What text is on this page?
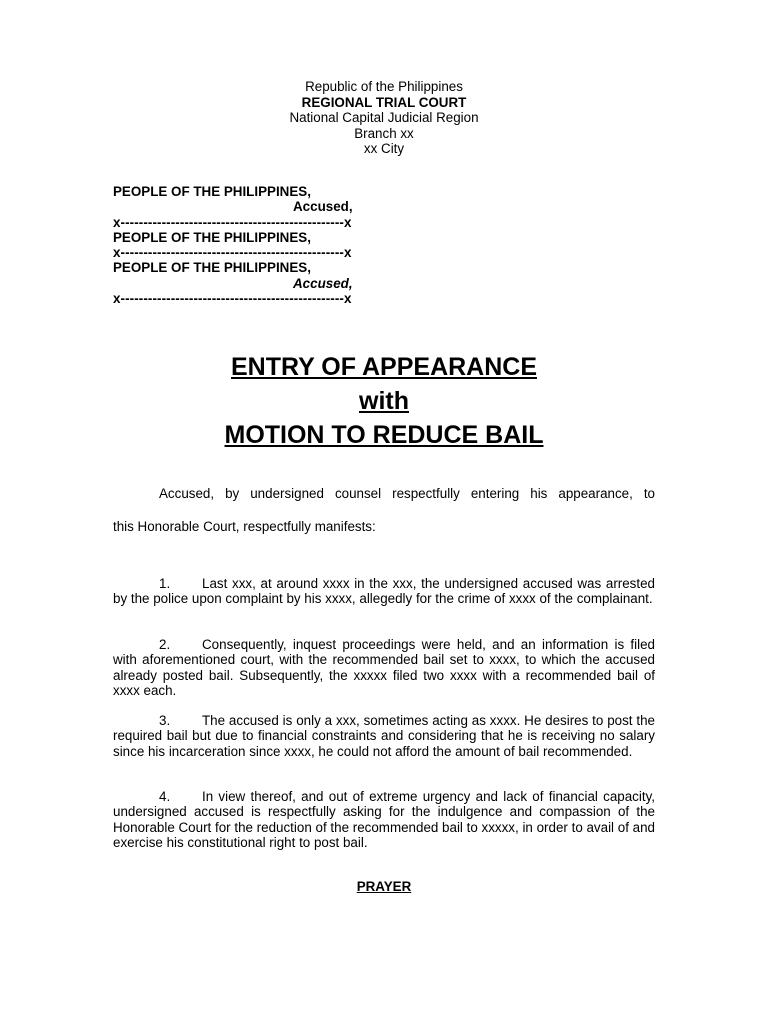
Republic of the Philippines
REGIONAL TRIAL COURT
National Capital Judicial Region
Branch xx
xx City
PEOPLE OF THE PHILIPPINES,
Accused,
x-------------------------------------------------x
PEOPLE OF THE PHILIPPINES,
x-------------------------------------------------x
PEOPLE OF THE PHILIPPINES,
Accused,
x-------------------------------------------------x
ENTRY OF APPEARANCE
with
MOTION TO REDUCE BAIL
Accused, by undersigned counsel respectfully entering his appearance, to
this Honorable Court, respectfully manifests:
1. Last xxx, at around xxxx in the xxx, the undersigned accused was arrested by the police upon complaint by his xxxx, allegedly for the crime of xxxx of the complainant.
2. Consequently, inquest proceedings were held, and an information is filed with aforementioned court, with the recommended bail set to xxxx, to which the accused already posted bail. Subsequently, the xxxxx filed two xxxx with a recommended bail of xxxx each.
3. The accused is only a xxx, sometimes acting as xxxx. He desires to post the required bail but due to financial constraints and considering that he is receiving no salary since his incarceration since xxxx, he could not afford the amount of bail recommended.
4. In view thereof, and out of extreme urgency and lack of financial capacity, undersigned accused is respectfully asking for the indulgence and compassion of the Honorable Court for the reduction of the recommended bail to xxxxx, in order to avail of and exercise his constitutional right to post bail.
PRAYER
